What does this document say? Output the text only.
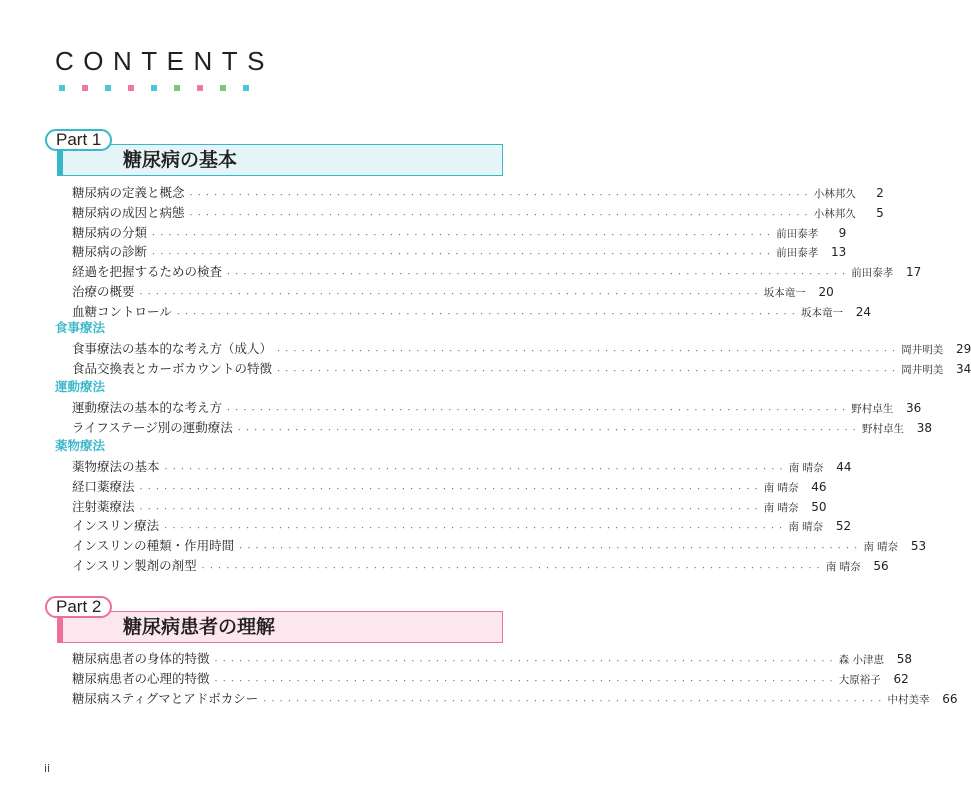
CONTENTS
Part 1
糖尿病の基本
糖尿病の定義と概念 ・・・・・・・・・・・・・・・・・・・・・・・・・・・・・・・・・・・・・・・・・・・・・・・・・・・・・・・・・・・・・・・・・・・・・・・・・・・・ 小林邦久	2
糖尿病の成因と病態 ・・・・・・・・・・・・・・・・・・・・・・・・・・・・・・・・・・・・・・・・・・・・・・・・・・・・・・・・・・・・・・・・・・・・・・・・・・・・ 小林邦久	5
糖尿病の分類 ・・・・・・・・・・・・・・・・・・・・・・・・・・・・・・・・・・・・・・・・・・・・・・・・・・・・・・・・・・・・・・・・・・・・・・・・・・・・ 前田泰孝	9
糖尿病の診断 ・・・・・・・・・・・・・・・・・・・・・・・・・・・・・・・・・・・・・・・・・・・・・・・・・・・・・・・・・・・・・・・・・・・・・・・・・・・・ 前田泰孝	13
経過を把握するための検査 ・・・・・・・・・・・・・・・・・・・・・・・・・・・・・・・・・・・・・・・・・・・・・・・・・・・・・・・・・・・・・・・・・・・・・・・・・・・・ 前田泰孝	17
治療の概要 ・・・・・・・・・・・・・・・・・・・・・・・・・・・・・・・・・・・・・・・・・・・・・・・・・・・・・・・・・・・・・・・・・・・・・・・・・・・・ 坂本竜一	20
血糖コントロール ・・・・・・・・・・・・・・・・・・・・・・・・・・・・・・・・・・・・・・・・・・・・・・・・・・・・・・・・・・・・・・・・・・・・・・・・・・・・ 坂本竜一	24
食事療法
食事療法の基本的な考え方（成人） ・・・・・・・・・・・・・・・・・・・・・・・・・・・・・・・・・・・・・・・・・・・・・・・・・・・・・・・・・・・・・・・・・・・・・・・・・・・・ 岡井明美	29
食品交換表とカーボカウントの特徴 ・・・・・・・・・・・・・・・・・・・・・・・・・・・・・・・・・・・・・・・・・・・・・・・・・・・・・・・・・・・・・・・・・・・・・・・・・・・・ 岡井明美	34
運動療法
運動療法の基本的な考え方 ・・・・・・・・・・・・・・・・・・・・・・・・・・・・・・・・・・・・・・・・・・・・・・・・・・・・・・・・・・・・・・・・・・・・・・・・・・・・ 野村卓生	36
ライフステージ別の運動療法 ・・・・・・・・・・・・・・・・・・・・・・・・・・・・・・・・・・・・・・・・・・・・・・・・・・・・・・・・・・・・・・・・・・・・・・・・・・・・ 野村卓生	38
薬物療法
薬物療法の基本 ・・・・・・・・・・・・・・・・・・・・・・・・・・・・・・・・・・・・・・・・・・・・・・・・・・・・・・・・・・・・・・・・・・・・・・・・・・・・ 南 晴奈	44
経口薬療法 ・・・・・・・・・・・・・・・・・・・・・・・・・・・・・・・・・・・・・・・・・・・・・・・・・・・・・・・・・・・・・・・・・・・・・・・・・・・・ 南 晴奈	46
注射薬療法 ・・・・・・・・・・・・・・・・・・・・・・・・・・・・・・・・・・・・・・・・・・・・・・・・・・・・・・・・・・・・・・・・・・・・・・・・・・・・ 南 晴奈	50
インスリン療法 ・・・・・・・・・・・・・・・・・・・・・・・・・・・・・・・・・・・・・・・・・・・・・・・・・・・・・・・・・・・・・・・・・・・・・・・・・・・・ 南 晴奈	52
インスリンの種類・作用時間 ・・・・・・・・・・・・・・・・・・・・・・・・・・・・・・・・・・・・・・・・・・・・・・・・・・・・・・・・・・・・・・・・・・・・・・・・・・・・ 南 晴奈	53
インスリン製剤の剤型 ・・・・・・・・・・・・・・・・・・・・・・・・・・・・・・・・・・・・・・・・・・・・・・・・・・・・・・・・・・・・・・・・・・・・・・・・・・・・ 南 晴奈	56
Part 2
糖尿病患者の理解
糖尿病患者の身体的特徴 ・・・・・・・・・・・・・・・・・・・・・・・・・・・・・・・・・・・・・・・・・・・・・・・・・・・・・・・・・・・・・・・・・・・・・・・・・・・・ 森 小津恵	58
糖尿病患者の心理的特徴 ・・・・・・・・・・・・・・・・・・・・・・・・・・・・・・・・・・・・・・・・・・・・・・・・・・・・・・・・・・・・・・・・・・・・・・・・・・・・ 大原裕子	62
糖尿病スティグマとアドボカシー ・・・・・・・・・・・・・・・・・・・・・・・・・・・・・・・・・・・・・・・・・・・・・・・・・・・・・・・・・・・・・・・・・・・・・・・・・・・・ 中村美幸	66
ii
